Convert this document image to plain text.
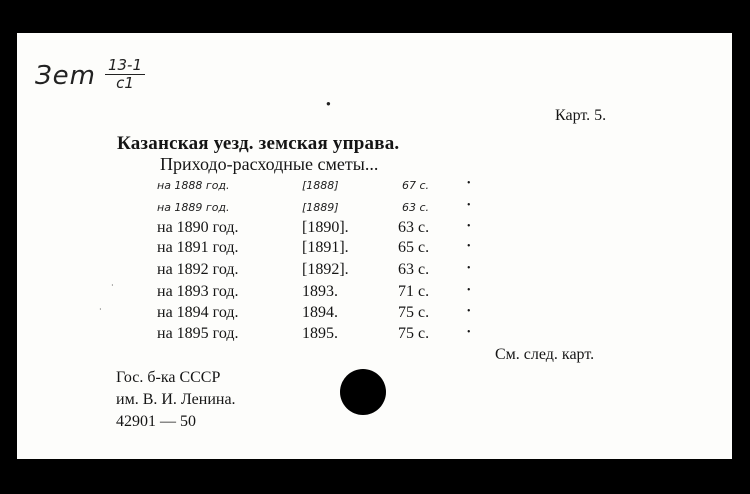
Зem $\frac{13-1}{c1}$
Карт. 5.
Казанская уезд. земская управа.
Приходо-расходные сметы...
на 1888 год.	[1888]	67 с.	•
на 1889 год.	[1889]	63 с.	•
на 1890 год.	[1890].	63 с.	•
на 1891 год.	[1891].	65 с.	•
на 1892 год.	[1892].	63 с.	•
на 1893 год.	1893.	71 с.	•
на 1894 год.	1894.	75 с.	•
на 1895 год.	1895.	75 с.	•
См. след. карт.
Гос. б-ка СССР
им. В. И. Ленина.
42901 — 50
●
·
·
